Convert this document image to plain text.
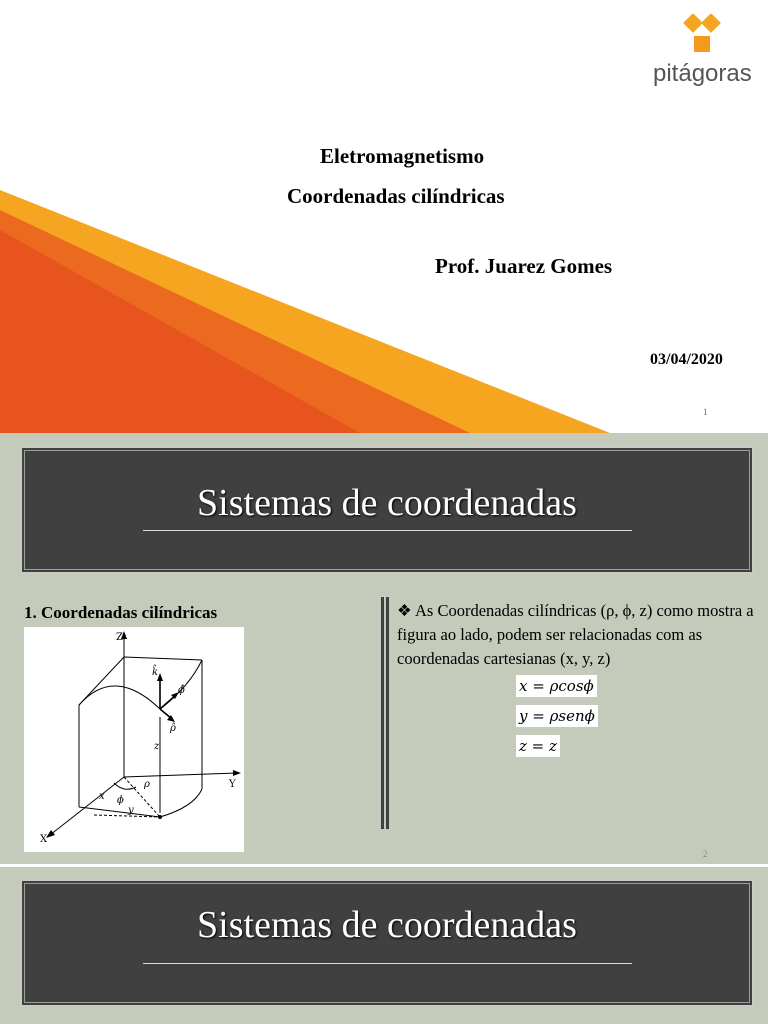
pitágoras
Eletromagnetismo
Coordenadas cilíndricas
Prof. Juarez Gomes
03/04/2020
1
Sistemas de coordenadas
1. Coordenadas cilíndricas
Z
Y
X
k̂
ϕ̂
ρ̂
z
ρ
ϕ
x
y
❖ As Coordenadas cilíndricas (ρ, ϕ, z) como mostra a figura ao lado, podem ser relacionadas com as coordenadas cartesianas (x, y, z)
x = ρcosϕ
y = ρsenϕ
z = z
2
Sistemas de coordenadas
